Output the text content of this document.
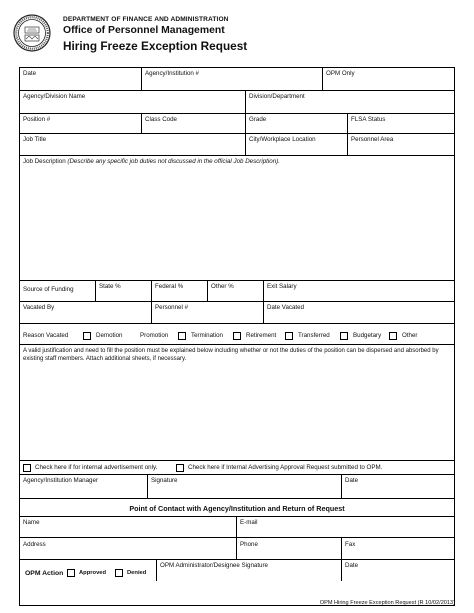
DEPARTMENT OF FINANCE AND ADMINISTRATION
Office of Personnel Management
Hiring Freeze Exception Request
Date	Agency/Institution #	OPM Only
Agency/Division Name	Division/Department
Position #	Class Code	Grade	FLSA Status
Job Title	City/Workplace Location	Personnel Area
Job Description (Describe any specific job duties not discussed in the official Job Description).
Source of Funding	State %	Federal %	Other %	Exit Salary
Vacated By	Personnel #	Date Vacated
Reason Vacated	Demotion	Promotion	Termination	Retirement	Transferred	Budgetary	Other
A valid justification and need to fill the position must be explained below including whether or not the duties of the position can be dispersed and absorbed by existing staff members. Attach additional sheets, if necessary.
Check here if for internal advertisement only.	Check here if Internal Advertising Approval Request submitted to OPM.
Agency/Institution Manager	Signature	Date
Point of Contact with Agency/Institution and Return of Request
Name	E-mail
Address	Phone	Fax
OPM Action	Approved	Denied
OPM Administrator/Designee Signature	Date
OPM Hiring Freeze Exception Request (R 10/02/2013)
